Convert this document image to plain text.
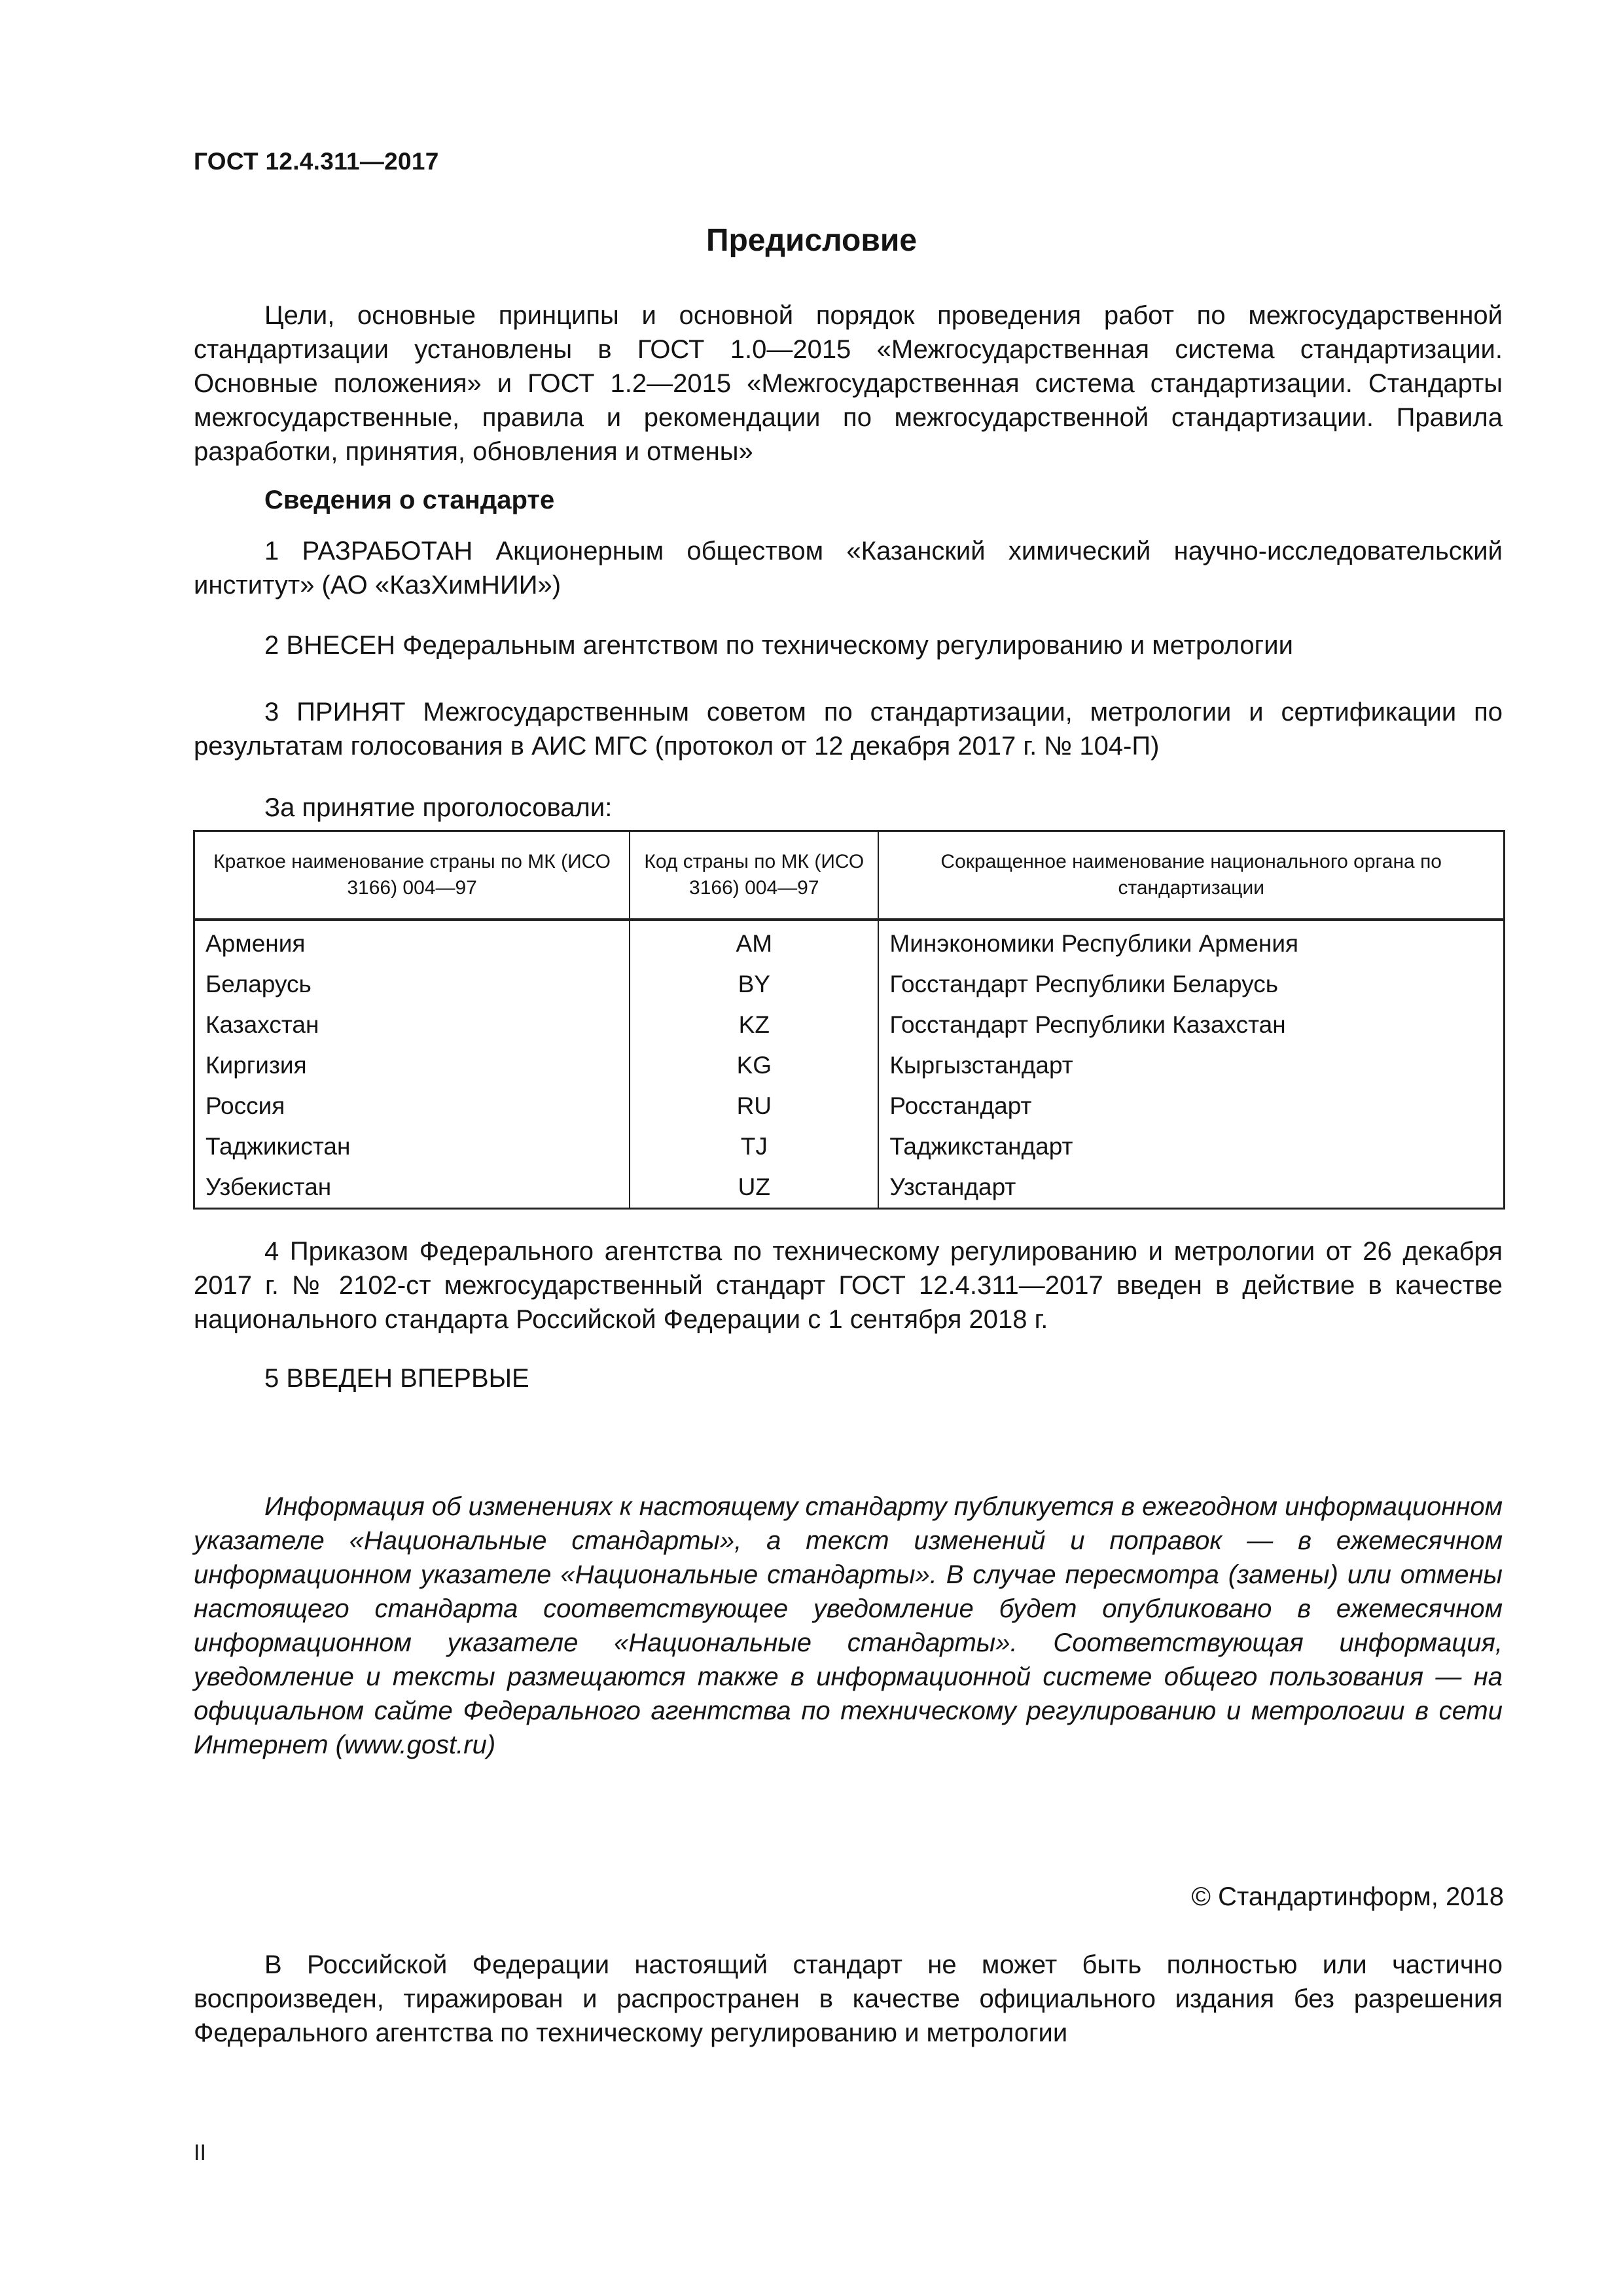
ГОСТ 12.4.311—2017
Предисловие
Цели, основные принципы и основной порядок проведения работ по межгосударственной стандартизации установлены в ГОСТ 1.0—2015 «Межгосударственная система стандартизации. Основные положения» и ГОСТ 1.2—2015 «Межгосударственная система стандартизации. Стандарты межгосударственные, правила и рекомендации по межгосударственной стандартизации. Правила разработки, принятия, обновления и отмены»
Сведения о стандарте
1 РАЗРАБОТАН Акционерным обществом «Казанский химический научно-исследовательский институт» (АО «КазХимНИИ»)
2 ВНЕСЕН Федеральным агентством по техническому регулированию и метрологии
3 ПРИНЯТ Межгосударственным советом по стандартизации, метрологии и сертификации по результатам голосования в АИС МГС (протокол от 12 декабря 2017 г. № 104-П)
За принятие проголосовали:
Краткое наименование страны по МК (ИСО 3166) 004—97	Код страны по МК (ИСО 3166) 004—97	Сокращенное наименование национального органа по стандартизации
Армения	AM	Минэкономики Республики Армения
Беларусь	BY	Госстандарт Республики Беларусь
Казахстан	KZ	Госстандарт Республики Казахстан
Киргизия	KG	Кыргызстандарт
Россия	RU	Росстандарт
Таджикистан	TJ	Таджикстандарт
Узбекистан	UZ	Узстандарт
4 Приказом Федерального агентства по техническому регулированию и метрологии от 26 декабря 2017 г. № 2102-ст межгосударственный стандарт ГОСТ 12.4.311—2017 введен в действие в качестве национального стандарта Российской Федерации с 1 сентября 2018 г.
5 ВВЕДЕН ВПЕРВЫЕ
Информация об изменениях к настоящему стандарту публикуется в ежегодном информационном указателе «Национальные стандарты», а текст изменений и поправок — в ежемесячном информационном указателе «Национальные стандарты». В случае пересмотра (замены) или отмены настоящего стандарта соответствующее уведомление будет опубликовано в ежемесячном информационном указателе «Национальные стандарты». Соответствующая информация, уведомление и тексты размещаются также в информационной системе общего пользования — на официальном сайте Федерального агентства по техническому регулированию и метрологии в сети Интернет (www.gost.ru)
© Стандартинформ, 2018
В Российской Федерации настоящий стандарт не может быть полностью или частично воспроизведен, тиражирован и распространен в качестве официального издания без разрешения Федерального агентства по техническому регулированию и метрологии
II
